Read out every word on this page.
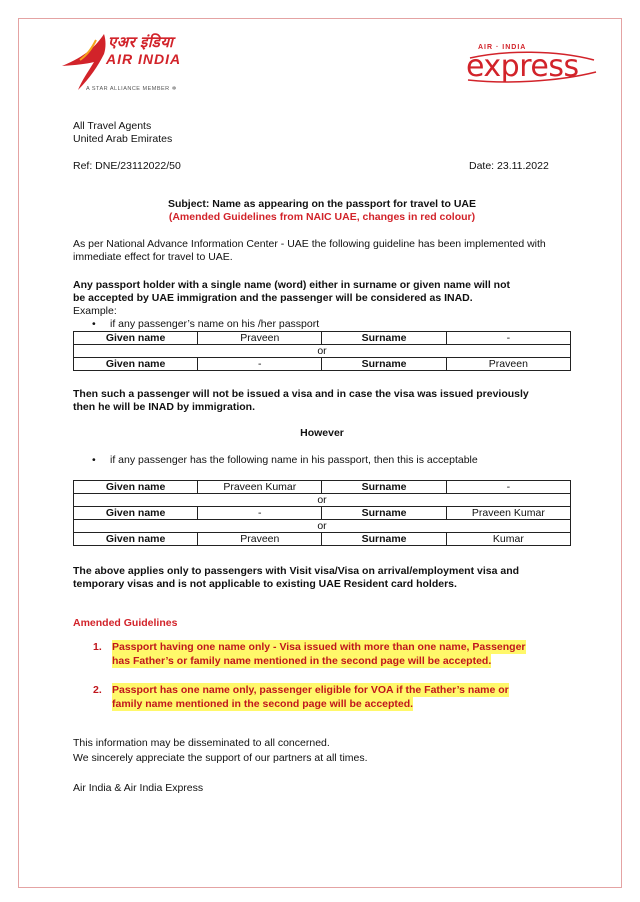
एअर इंडिया
AIR INDIA
A STAR ALLIANCE MEMBER ✲
AIR · INDIA
express
All Travel Agents
United Arab Emirates
Ref: DNE/23112022/50	Date: 23.11.2022
Subject: Name as appearing on the passport for travel to UAE
(Amended Guidelines from NAIC UAE, changes in red colour)
As per National Advance Information Center - UAE the following guideline has been implemented with
immediate effect for travel to UAE.
Any passport holder with a single name (word) either in surname or given name will not
be accepted by UAE immigration and the passenger will be considered as INAD.
Example:
• if any passenger’s name on his /her passport
Given name	Praveen	Surname	-
or			
Given name	-	Surname	Praveen
Then such a passenger will not be issued a visa and in case the visa was issued previously
then he will be INAD by immigration.
However
• if any passenger has the following name in his passport, then this is acceptable
Given name	Praveen Kumar	Surname	-
or			
Given name	-	Surname	Praveen Kumar
or			
Given name	Praveen	Surname	Kumar
The above applies only to passengers with Visit visa/Visa on arrival/employment visa and
temporary visas and is not applicable to existing UAE Resident card holders.
Amended Guidelines
1. Passport having one name only - Visa issued with more than one name, Passenger
has Father’s or family name mentioned in the second page will be accepted.
2. Passport has one name only, passenger eligible for VOA if the Father’s name or
family name mentioned in the second page will be accepted.
This information may be disseminated to all concerned.
We sincerely appreciate the support of our partners at all times.
Air India & Air India Express
